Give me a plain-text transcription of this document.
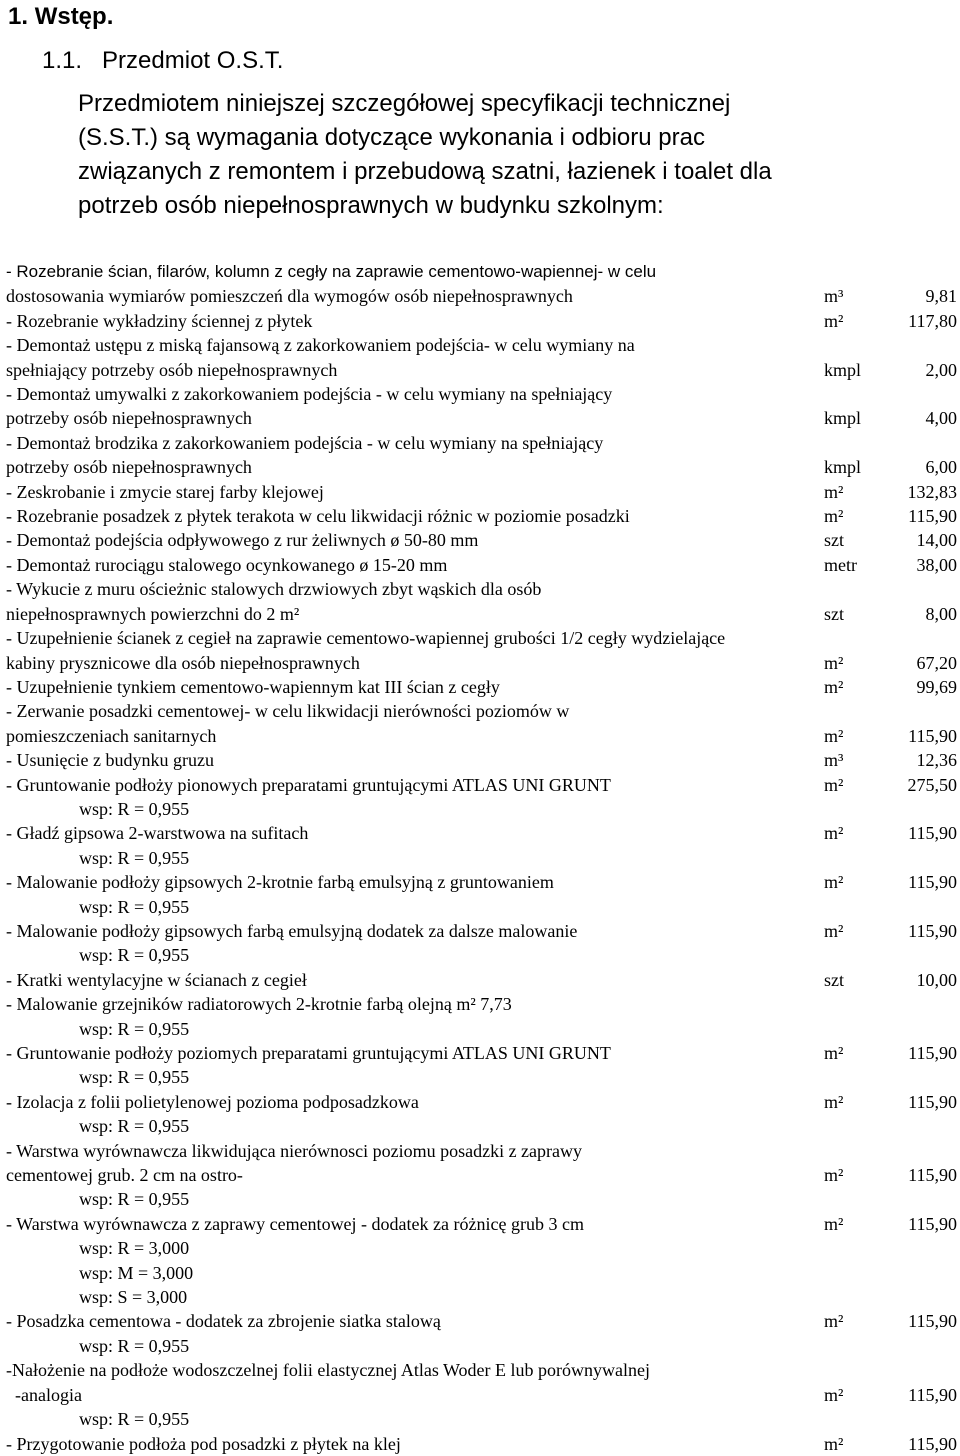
1. Wstęp.
1.1. Przedmiot O.S.T.
Przedmiotem niniejszej szczegółowej specyfikacji technicznej
(S.S.T.) są wymagania dotyczące wykonania i odbioru prac
związanych z remontem i przebudową szatni, łazienek i toalet dla
potrzeb osób niepełnosprawnych w budynku szkolnym:
- Rozebranie ścian, filarów, kolumn z cegły na zaprawie cementowo-wapiennej- w celu
dostosowania wymiarów pomieszczeń dla wymogów osób niepełnosprawnych	m³	9,81
- Rozebranie wykładziny ściennej z płytek	m²	117,80
- Demontaż ustępu z miską fajansową z zakorkowaniem podejścia- w celu wymiany na
spełniający potrzeby osób niepełnosprawnych	kmpl	2,00
- Demontaż umywalki z zakorkowaniem podejścia - w celu wymiany na spełniający
potrzeby osób niepełnosprawnych	kmpl	4,00
- Demontaż brodzika z zakorkowaniem podejścia - w celu wymiany na spełniający
potrzeby osób niepełnosprawnych	kmpl	6,00
- Zeskrobanie i zmycie starej farby klejowej	m²	132,83
- Rozebranie posadzek z płytek terakota w celu likwidacji różnic w poziomie posadzki	m²	115,90
- Demontaż podejścia odpływowego z rur żeliwnych ø 50-80 mm	szt	14,00
- Demontaż rurociągu stalowego ocynkowanego ø 15-20 mm	metr	38,00
- Wykucie z muru ościeżnic stalowych drzwiowych zbyt wąskich dla osób
niepełnosprawnych powierzchni do 2 m²	szt	8,00
- Uzupełnienie ścianek z cegieł na zaprawie cementowo-wapiennej grubości 1/2 cegły wydzielające
kabiny prysznicowe dla osób niepełnosprawnych	m²	67,20
- Uzupełnienie tynkiem cementowo-wapiennym kat III ścian z cegły	m²	99,69
- Zerwanie posadzki cementowej- w celu likwidacji nierówności poziomów w
pomieszczeniach sanitarnych	m²	115,90
- Usunięcie z budynku gruzu	m³	12,36
- Gruntowanie podłoży pionowych preparatami gruntującymi ATLAS UNI GRUNT	m²	275,50
wsp: R = 0,955
- Gładź gipsowa 2-warstwowa na sufitach	m²	115,90
wsp: R = 0,955
- Malowanie podłoży gipsowych 2-krotnie farbą emulsyjną z gruntowaniem	m²	115,90
wsp: R = 0,955
- Malowanie podłoży gipsowych farbą emulsyjną dodatek za dalsze malowanie	m²	115,90
wsp: R = 0,955
- Kratki wentylacyjne w ścianach z cegieł	szt	10,00
- Malowanie grzejników radiatorowych 2-krotnie farbą olejną m² 7,73
wsp: R = 0,955
- Gruntowanie podłoży poziomych preparatami gruntującymi ATLAS UNI GRUNT	m²	115,90
wsp: R = 0,955
- Izolacja z folii polietylenowej pozioma podposadzkowa	m²	115,90
wsp: R = 0,955
- Warstwa wyrównawcza likwidująca nierównosci poziomu posadzki z zaprawy
cementowej grub. 2 cm na ostro-	m²	115,90
wsp: R = 0,955
- Warstwa wyrównawcza z zaprawy cementowej - dodatek za różnicę grub 3 cm	m²	115,90
wsp: R = 3,000
wsp: M = 3,000
wsp: S = 3,000
- Posadzka cementowa - dodatek za zbrojenie siatka stalową	m²	115,90
wsp: R = 0,955
-Nałożenie na podłoże wodoszczelnej folii elastycznej Atlas Woder E lub porównywalnej
-analogia	m²	115,90
wsp: R = 0,955
- Przygotowanie podłoża pod posadzki z płytek na klej	m²	115,90
